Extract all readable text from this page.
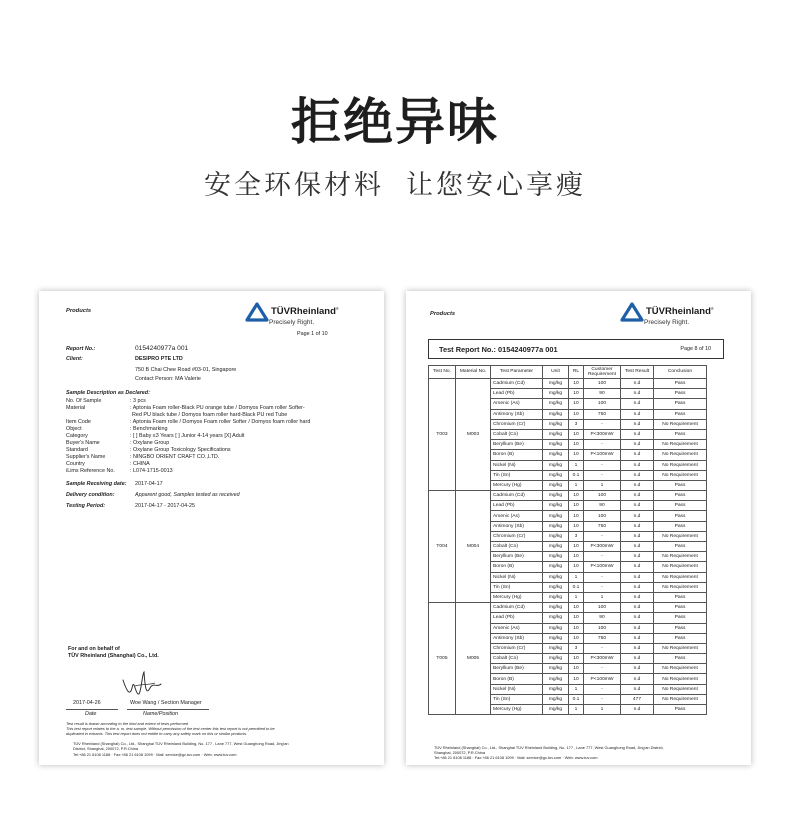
拒绝异味
安全环保材料 让您安心享瘦
Products	TÜVRheinland®
Precisely Right.
Page 1 of 10
Report No.:	0154240977a 001
Client:	DESIPRO PTE LTD
750 B Chai Chee Road #03-01, Singapore
Contact Person: MA Valerie
Sample Description as Declared:
No. Of Sample	: 3 pcs
Material	: Aptonia Foam roller-Black PU orange tube / Domyos Foam roller Softer-
Red PU black tube / Domyos foam roller hard-Black PU red Tube
Item Code	: Aptonia Foam rolle / Domyos Foam roller Softer / Domyos foam roller hard
Object	: Benchmarking
Category	: [ ] Baby ≤3 Years [ ] Junior 4-14 years [X] Adult
Buyer's Name	: Oxylane Group
Standard	: Oxylane Group Toxicology Specifications
Supplier's Name	: NINGBO ORIENT CRAFT CO.,LTD.
Country	: CHINA
iLims Reference No.	: L074-1715-0013
Sample Receiving date: 2017-04-17
Delivery condition:	Apparent good, Samples tested as received
Testing Period:	2017-04-17 - 2017-04-25
For and on behalf of
TÜV Rheinland (Shanghai) Co., Ltd.
2017-04-26	Woe Wang / Section Manager
Date	Name/Position
Test result is drawn according to the kind and extent of tests performed
This test report relates to the a. m. test sample. Without permission of the test center this test report is not permitted to be
duplicated in extracts. This test report does not entitle to carry any safety mark on this or similar products.
TÜV Rheinland (Shanghai) Co., Ltd., Shanghai TÜV Rheinland Building, No. 177 , Lane 777, West Guanghong Road, Jing'an
District, Shanghai, 200072, P.R.China
Tel:+86 21 6108 1188 · Fax:+86 21 6108 1099 · Mail: service@gc.tuv.com · Web: www.tuv.com
Products	TÜVRheinland®
Precisely Right.
Test Report No.: 0154240977a 001	Page 8 of 10
Test No.	Material No.	Test Parameter	Unit	RL	Customer Requirement	Test Result	Conclusion
T003	M003	Cadmium (Cd)	mg/kg	10	100	n.d	Pass
		Lead (Pb)	mg/kg	10	90	n.d	Pass
		Arsenic (As)	mg/kg	10	100	n.d	Pass
		Antimony (Sb)	mg/kg	10	750	n.d	Pass
		Chromium (Cr)	mg/kg	3	-	n.d	No Requirement
		Cobalt (Co)	mg/kg	10	P<300mW	n.d	Pass
		Beryllium (Be)	mg/kg	10	-	n.d	No Requirement
		Boron (B)	mg/kg	10	P<100mW	n.d	No Requirement
		Nickel (Ni)	mg/kg	1	-	n.d	No Requirement
		Tin (Sn)	mg/kg	0.1	-	n.d	No Requirement
		Mercury (Hg)	mg/kg	1	1	n.d	Pass
T004	M004	Cadmium (Cd)	mg/kg	10	100	n.d	Pass
		Lead (Pb)	mg/kg	10	90	n.d	Pass
		Arsenic (As)	mg/kg	10	100	n.d	Pass
		Antimony (Sb)	mg/kg	10	750	n.d	Pass
		Chromium (Cr)	mg/kg	3	-	n.d	No Requirement
		Cobalt (Co)	mg/kg	10	P<300mW	n.d	Pass
		Beryllium (Be)	mg/kg	10	-	n.d	No Requirement
		Boron (B)	mg/kg	10	P<100mW	n.d	No Requirement
		Nickel (Ni)	mg/kg	1	-	n.d	No Requirement
		Tin (Sn)	mg/kg	0.1	-	n.d	No Requirement
		Mercury (Hg)	mg/kg	1	1	n.d	Pass
T005	M005	Cadmium (Cd)	mg/kg	10	100	n.d	Pass
		Lead (Pb)	mg/kg	10	90	n.d	Pass
		Arsenic (As)	mg/kg	10	100	n.d	Pass
		Antimony (Sb)	mg/kg	10	750	n.d	Pass
		Chromium (Cr)	mg/kg	3	-	n.d	No Requirement
		Cobalt (Co)	mg/kg	10	P<300mW	n.d	Pass
		Beryllium (Be)	mg/kg	10	-	n.d	No Requirement
		Boron (B)	mg/kg	10	P<100mW	n.d	No Requirement
		Nickel (Ni)	mg/kg	1	-	n.d	No Requirement
		Tin (Sn)	mg/kg	0.1	-	477	No Requirement
		Mercury (Hg)	mg/kg	1	1	n.d	Pass
TÜV Rheinland (Shanghai) Co., Ltd., Shanghai TÜV Rheinland Building, No. 177 , Lane 777, West Guanghong Road, Jing'an District,
Shanghai, 200072, P.R.China
Tel:+86 21 6108 1188 · Fax:+86 21 6108 1099 · Mail: service@gc.tuv.com · Web: www.tuv.com
